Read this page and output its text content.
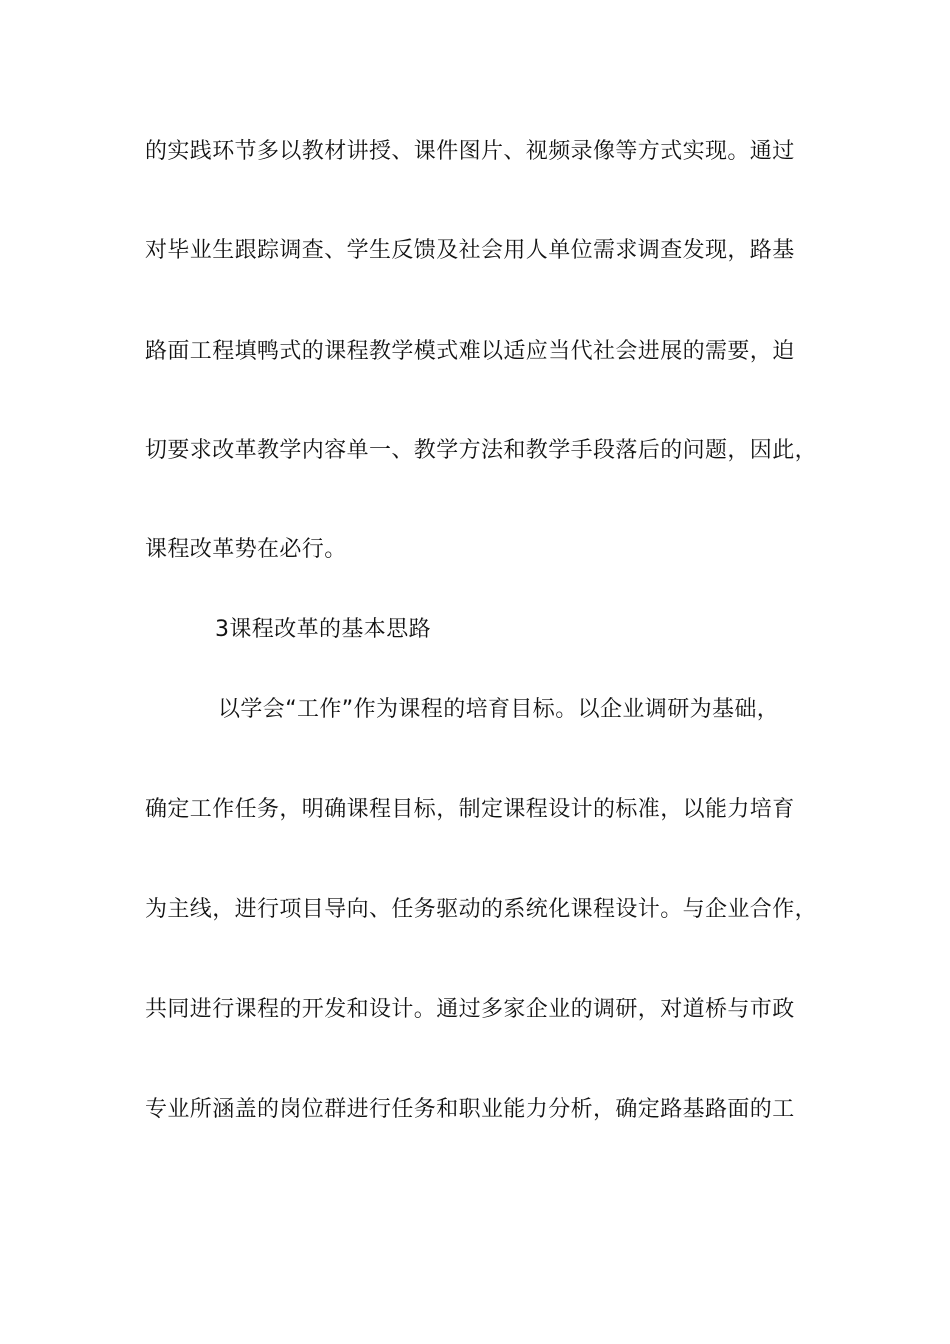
的实践环节多以教材讲授、课件图片、视频录像等方式实现。通过
对毕业生跟踪调查、学生反馈及社会用人单位需求调查发现，路基
路面工程填鸭式的课程教学模式难以适应当代社会进展的需要，迫
切要求改革教学内容单一、教学方法和教学手段落后的问题，因此，
课程改革势在必行。
3课程改革的基本思路
以学会“工作”作为课程的培育目标。以企业调研为基础，
确定工作任务，明确课程目标，制定课程设计的标准，以能力培育
为主线，进行项目导向、任务驱动的系统化课程设计。与企业合作，
共同进行课程的开发和设计。通过多家企业的调研，对道桥与市政
专业所涵盖的岗位群进行任务和职业能力分析，确定路基路面的工
